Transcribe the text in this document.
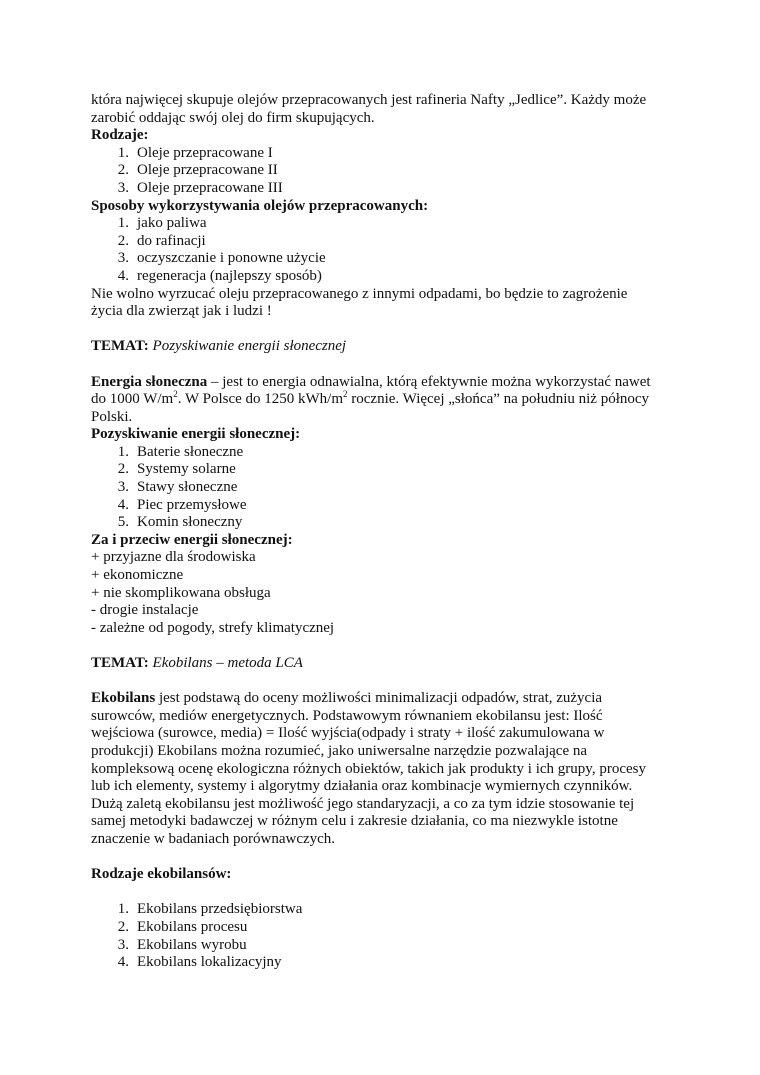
która najwięcej skupuje olejów przepracowanych jest rafineria Nafty „Jedlice”. Każdy może

zarobić oddając swój olej do firm skupujących.

Rodzaje:

1. Oleje przepracowane I
2. Oleje przepracowane II
3. Oleje przepracowane III

Sposoby wykorzystywania olejów przepracowanych:

1. jako paliwa
2. do rafinacji
3. oczyszczanie i ponowne użycie
4. regeneracja (najlepszy sposób)

Nie wolno wyrzucać oleju przepracowanego z innymi odpadami, bo będzie to zagrożenie

życia dla zwierząt jak i ludzi !

TEMAT: Pozyskiwanie energii słonecznej

Energia słoneczna – jest to energia odnawialna, którą efektywnie można wykorzystać nawet

do 1000 $W/m^2$. W Polsce do 1250 kWh/$m^2$ rocznie. Więcej „słońca” na południu niż północy

Polski.

Pozyskiwanie energii słonecznej:

1. Baterie słoneczne
2. Systemy solarne
3. Stawy słoneczne
4. Piec przemysłowe
5. Komin słoneczny

Za i przeciw energii słonecznej:

+ przyjazne dla środowiska

+ ekonomiczne

+ nie skomplikowana obsługa

- drogie instalacje

- zależne od pogody, strefy klimatycznej

TEMAT: Ekobilans – metoda LCA

Ekobilans jest podstawą do oceny możliwości minimalizacji odpadów, strat, zużycia

surowców, mediów energetycznych. Podstawowym równaniem ekobilansu jest: Ilość

wejściowa (surowce, media) = Ilość wyjścia(odpady i straty + ilość zakumulowana w

produkcji) Ekobilans można rozumieć, jako uniwersalne narzędzie pozwalające na

kompleksową ocenę ekologiczna różnych obiektów, takich jak produkty i ich grupy, procesy

lub ich elementy, systemy i algorytmy działania oraz kombinacje wymiernych czynników.

Dużą zaletą ekobilansu jest możliwość jego standaryzacji, a co za tym idzie stosowanie tej

samej metodyki badawczej w różnym celu i zakresie działania, co ma niezwykle istotne

znaczenie w badaniach porównawczych.

Rodzaje ekobilansów:

1. Ekobilans przedsiębiorstwa
2. Ekobilans procesu
3. Ekobilans wyrobu
4. Ekobilans lokalizacyjny
